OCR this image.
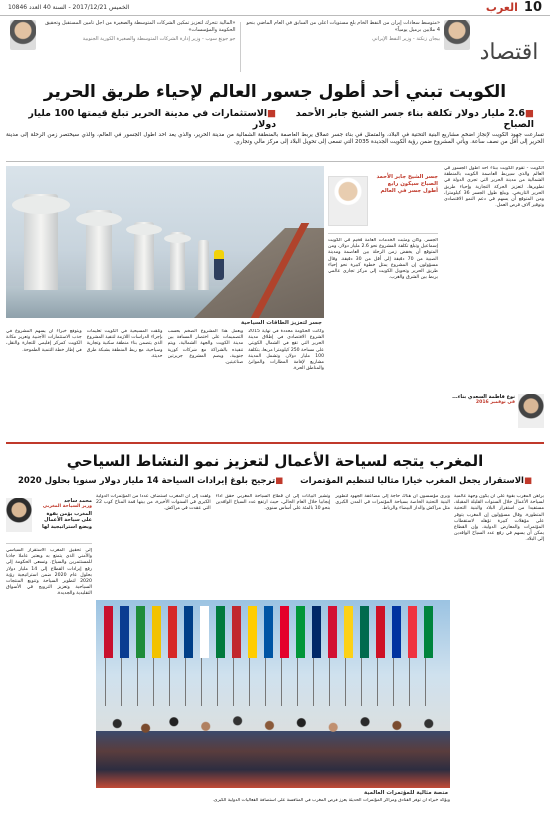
10
العرب
الخميس 2017/12/21 - السنة 40 العدد 10846
اقتصاد
«متوسط سعادات إيران من النفط الخام بلغ مستويات أعلى من السابق في العام الماضي بنحو 4 ملايين برميل يومياً»
بيجان زنكنة - وزير النفط الإيراني
«المالية تتحرك لتعزيز تمكين الشركات المتوسطة والصغيرة من أجل تأمين المستقبل وتحقيق الحكومة والمؤسسات»
جو جونغ سوب - وزير إدارة الشركات المتوسطة والصغيرة الكورية الجنوبية
الكويت تبني أحد أطول جسور العالم لإحياء طريق الحرير
■ 2.6 مليار دولار تكلفة بناء جسر الشيخ جابر الأحمد الصباح
■ الاستثمارات في مدينة الحرير تبلغ قيمتها 100 مليار دولار

تسارعت جهود الكويت لإنجاز أضخم مشاريع البنية التحتية في البلاد، والمتمثل في بناء جسر عملاق يربط العاصمة بالمنطقة الشمالية من مدينة الحرير، والذي يعد أحد أطول الجسور في العالم، والذي سيختصر زمن الرحلة إلى مدينة الحرير إلى أقل من نصف ساعة. ويأتي المشروع ضمن رؤية الكويت الجديدة 2035 التي تسعى إلى تحويل البلاد إلى مركز مالي وتجاري.

جسر لتعزيز الطاقات السياحية

وكانت الحكومة محددة في نهاية 2015 الشروع الاقتصادي في إطلاق مدينة الحرير التي تقع في الشمال الكويتي على مساحة 250 كيلومترا مربعا، بتكلفة 100 مليار دولار، وتشمل المدينة مشاريع لإقامة المطارات والموانئ والمناطق الحرة.

ويعمل هذا المشروع الضخم بحسب التصميمات على اختصار المسافة بين مدينة الكويت والجهة الشمالية، ويتم تنفيذه بالشراكة مع شركات كورية جنوبية، ويضم المشروع جزيرتين صناعيتين.

وتلقت المسيحية في الكويت تعليمات بإجراء الدراسات اللازمة لتنفيذ المشروع الذي يتضمن بناء منطقة سكنية وتجارية وسياحية، مع ربط المنطقة بشبكة طرق حديثة.

ويتوقع خبراء أن يسهم المشروع في جذب الاستثمارات الأجنبية وتعزيز مكانة الكويت كمركز إقليمي للتجارة والنقل، في إطار خطة التنمية الطموحة.

الكويت - تقوم الكويت ببناء أحد أطول الجسور في العالم والذي سيربط العاصمة الكويت بالمنطقة الشمالية من مدينة الحرير التي تجري الدولة في تطويرها، لتعزيز الحركة التجارية وإحياء طريق الحرير التاريخي. ويبلغ طول الجسر 36 كيلومترا، ومن المتوقع أن يسهم في دعم النمو الاقتصادي وتوفير آلاف فرص العمل.

جسر الشيخ جابر الأحمد الصباح سيكون رابع أطول جسر في العالم

الجسر. وكان ومثبت الخدمات العامة فخيم في الكويت إسماعيل وتبلغ تكلفة المشروع نحو 2.6 مليار دولار، ومن المتوقع أن يخفض زمن الرحلة بين العاصمة ومدينة الصبية من 70 دقيقة إلى أقل من 30 دقيقة. وقال مسؤولون إن المشروع يمثل خطوة كبيرة نحو إحياء طريق الحرير وتحويل الكويت إلى مركز تجاري عالمي يربط بين الشرق والغرب.

نوع فاطمة السعدي بناء...
في نوفمبر 2016
المغرب يتجه لسياحة الأعمال لتعزيز نمو النشاط السياحي
■ الاستقرار يجعل المغرب خيارا مثاليا لتنظيم المؤتمرات
■ ترجيح بلوغ إيرادات السياحة 14 مليار دولار سنويا بحلول 2020

يراهن المغرب بقوة على أن يكون وجهة عالمية لسياحة الأعمال خلال السنوات القليلة المقبلة، مستفيدا من استقرار البلاد والبنية التحتية المتطورة. وقال مسؤولون إن المغرب يتوفر على مؤهلات كبيرة تؤهله لاستقطاب المؤتمرات والمعارض الدولية، وإن القطاع يمكن أن يسهم في رفع عدد السياح الوافدين إلى البلاد.

ويرى مؤسسون أن هناك حاجة إلى مضاعفة الجهود لتطوير البنية التحتية الخاصة بسياحة المؤتمرات في المدن الكبرى مثل مراكش والدار البيضاء والرباط.

وتشير البيانات إلى أن قطاع السياحة المغربي حقق أداء إيجابيا خلال العام الحالي، حيث ارتفع عدد السياح الوافدين بنحو 10 بالمئة على أساس سنوي.

ولفت إلى أن المغرب استضاف عددا من المؤتمرات الدولية الكبرى في السنوات الأخيرة، من بينها قمة المناخ كوب 22 التي عقدت في مراكش.

إلى تحقيق المغرب الاستقرار السياسي والأمني الذي يتمتع به ويعتبر عاملا جاذبا للمستثمرين والسياح. وتسعى الحكومة إلى رفع إيرادات القطاع إلى 14 مليار دولار بحلول عام 2020 ضمن استراتيجية رؤية 2020 لتطوير السياحة وتنويع المنتجات السياحية وتعزيز الترويج في الأسواق التقليدية والجديدة.

محمد ساجد
وزير السياحة المغربي
المغرب يؤمن بقوة على سياحة الأعمال ويضع استراتيجية لها
منصة مثالية للمؤتمرات العالمية

ويؤكد خبراء أن توفر الفنادق ومراكز المؤتمرات الحديثة يعزز فرص المغرب في المنافسة على استضافة الفعاليات الدولية الكبرى.
